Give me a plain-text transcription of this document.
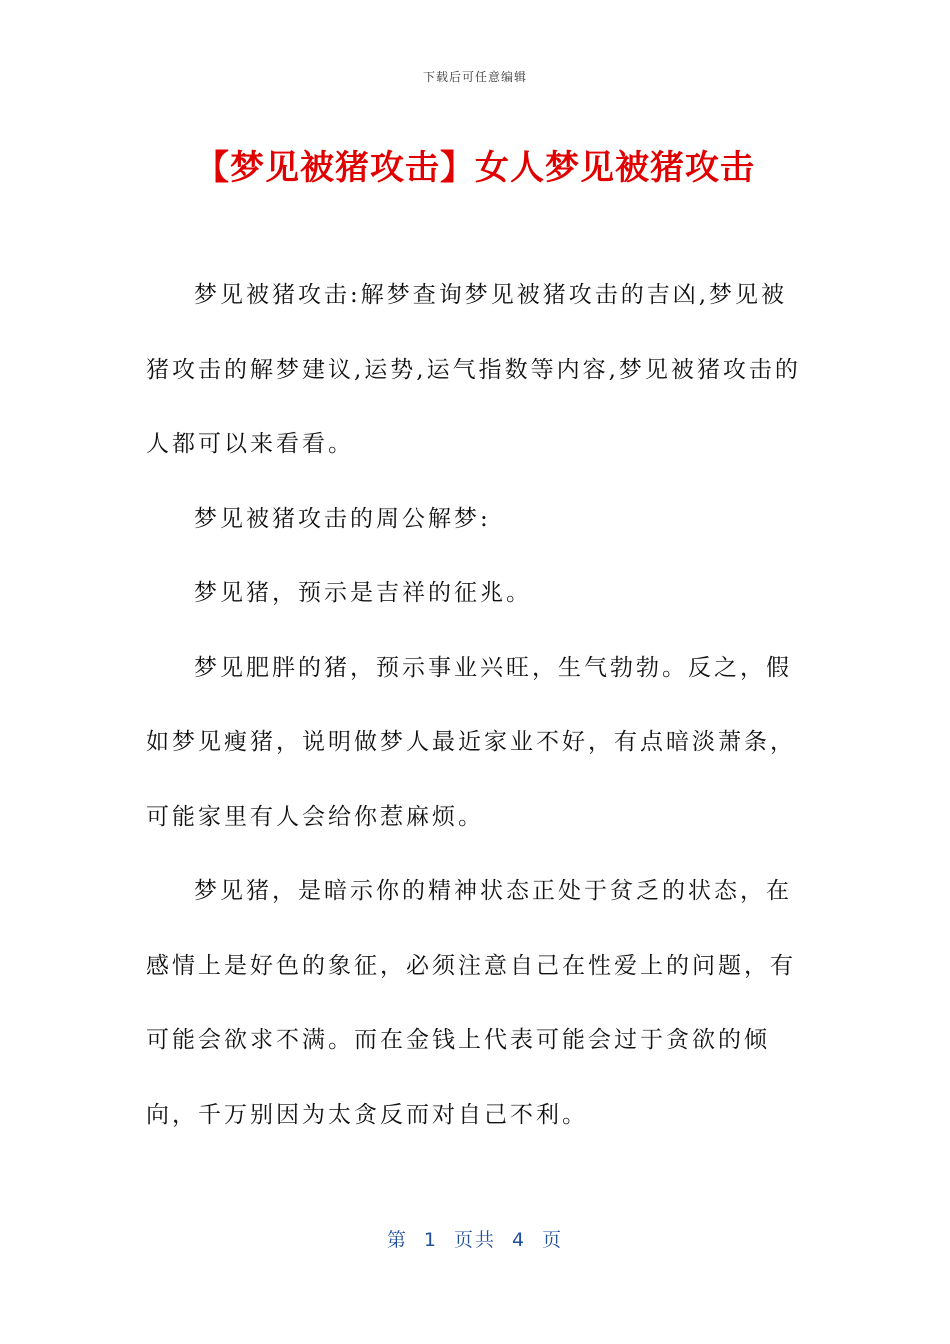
下载后可任意编辑
【梦见被猪攻击】女人梦见被猪攻击

梦见被猪攻击:解梦查询梦见被猪攻击的吉凶,梦见被猪攻击的解梦建议,运势,运气指数等内容,梦见被猪攻击的人都可以来看看。

梦见被猪攻击的周公解梦:

梦见猪，预示是吉祥的征兆。

梦见肥胖的猪，预示事业兴旺，生气勃勃。反之，假如梦见瘦猪，说明做梦人最近家业不好，有点暗淡萧条，可能家里有人会给你惹麻烦。

梦见猪，是暗示你的精神状态正处于贫乏的状态，在感情上是好色的象征，必须注意自己在性爱上的问题，有可能会欲求不满。而在金钱上代表可能会过于贪欲的倾向，千万别因为太贪反而对自己不利。

第 1 页共 4 页
